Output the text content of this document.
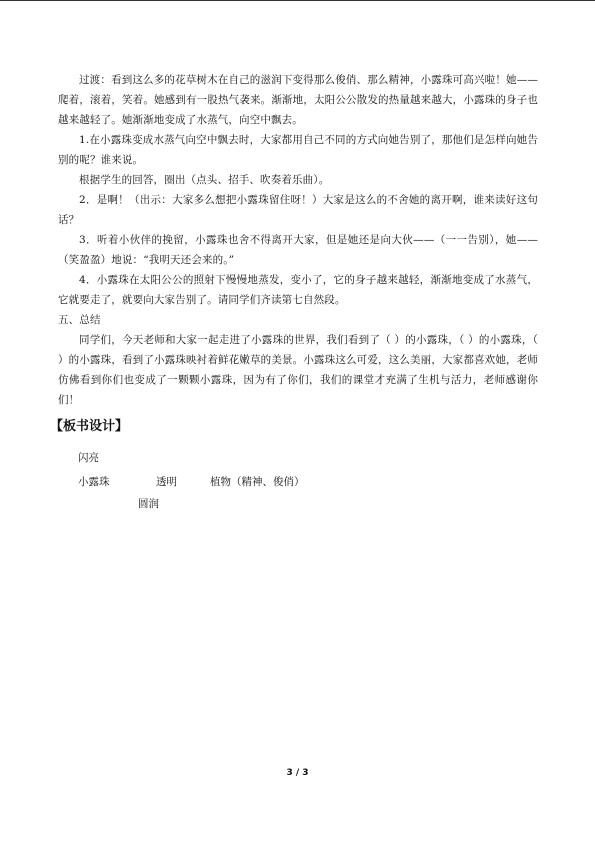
过渡：看到这么多的花草树木在自己的滋润下变得那么俊俏、那么精神，小露珠可高兴啦！她——爬着，滚着，笑着。她感到有一股热气袭来。渐渐地，太阳公公散发的热量越来越大，小露珠的身子也越来越轻了。她渐渐地变成了水蒸气，向空中飘去。

1.在小露珠变成水蒸气向空中飘去时，大家都用自己不同的方式向她告别了，那他们是怎样向她告别的呢？谁来说。

根据学生的回答，圈出（点头、招手、吹奏着乐曲）。

2．是啊！（出示：大家多么想把小露珠留住呀！）大家是这么的不舍她的离开啊，谁来读好这句话？

3．听着小伙伴的挽留，小露珠也舍不得离开大家，但是她还是向大伙——（一一告别），她——（笑盈盈）地说：“我明天还会来的。”

4．小露珠在太阳公公的照射下慢慢地蒸发，变小了，它的身子越来越轻，渐渐地变成了水蒸气，它就要走了，就要向大家告别了。请同学们齐读第七自然段。

五、总结

同学们，今天老师和大家一起走进了小露珠的世界，我们看到了（ ）的小露珠，（ ）的小露珠，（ ）的小露珠，看到了小露珠映衬着鲜花嫩草的美景。小露珠这么可爱，这么美丽，大家都喜欢她，老师仿佛看到你们也变成了一颗颗小露珠，因为有了你们，我们的课堂才充满了生机与活力，老师感谢你们！

【板书设计】
闪亮
小露珠	透明	植物（精神、俊俏）
圆润
3 / 3
